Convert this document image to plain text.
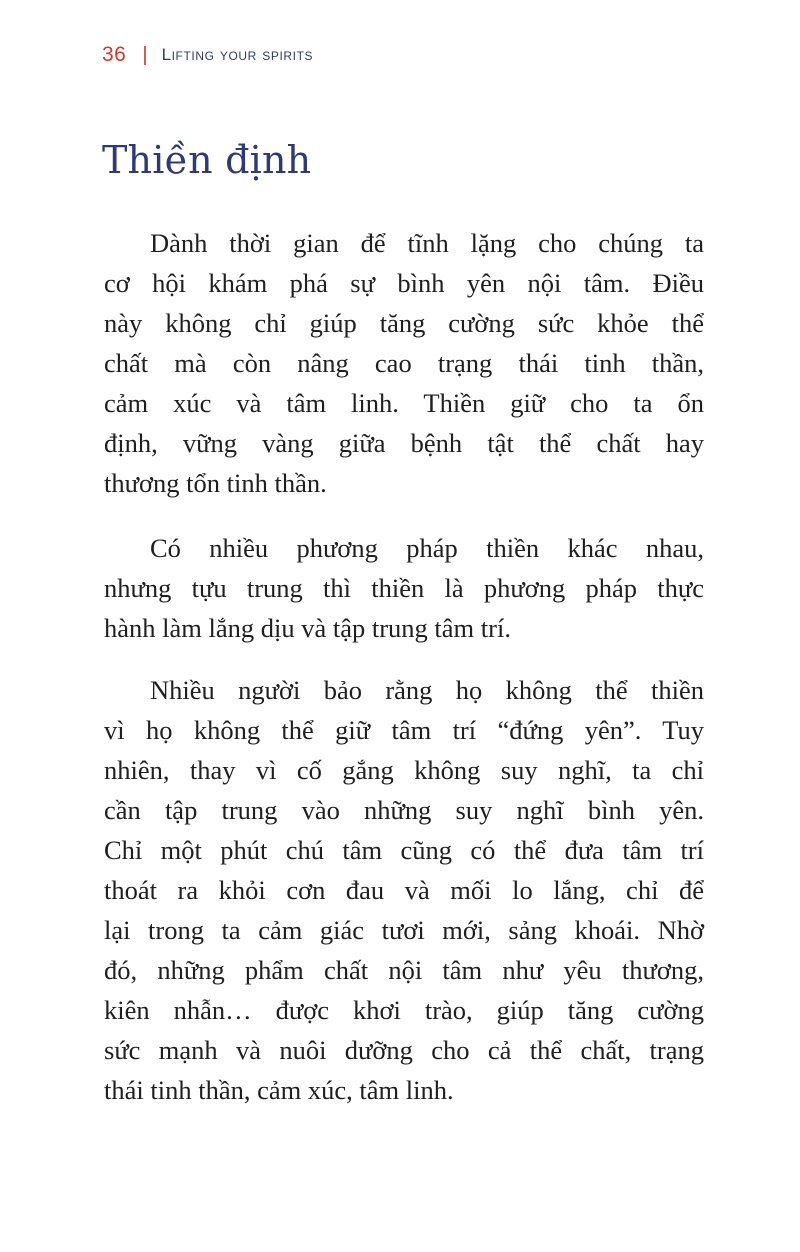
36 | Lifting your spirits
Thiền định

Dành thời gian để tĩnh lặng cho chúng ta
cơ hội khám phá sự bình yên nội tâm. Điều
này không chỉ giúp tăng cường sức khỏe thể
chất mà còn nâng cao trạng thái tinh thần,
cảm xúc và tâm linh. Thiền giữ cho ta ổn
định, vững vàng giữa bệnh tật thể chất hay
thương tổn tinh thần.

Có nhiều phương pháp thiền khác nhau,
nhưng tựu trung thì thiền là phương pháp thực
hành làm lắng dịu và tập trung tâm trí.

Nhiều người bảo rằng họ không thể thiền
vì họ không thể giữ tâm trí “đứng yên”. Tuy
nhiên, thay vì cố gắng không suy nghĩ, ta chỉ
cần tập trung vào những suy nghĩ bình yên.
Chỉ một phút chú tâm cũng có thể đưa tâm trí
thoát ra khỏi cơn đau và mối lo lắng, chỉ để
lại trong ta cảm giác tươi mới, sảng khoái. Nhờ
đó, những phẩm chất nội tâm như yêu thương,
kiên nhẫn… được khơi trào, giúp tăng cường
sức mạnh và nuôi dưỡng cho cả thể chất, trạng
thái tinh thần, cảm xúc, tâm linh.
